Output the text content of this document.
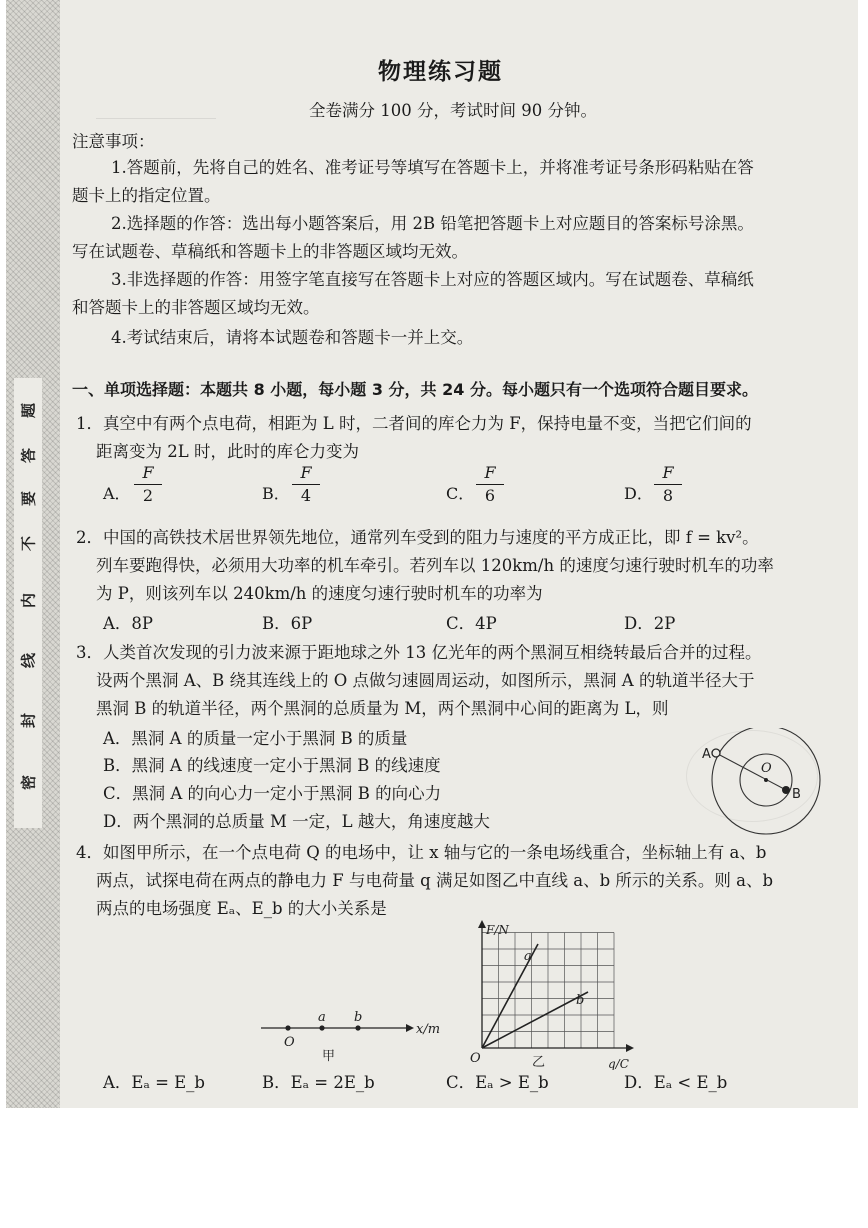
密
封
线
内
不
要
答
题
物理练习题
全卷满分 100 分，考试时间 90 分钟。
注意事项：
1.答题前，先将自己的姓名、准考证号等填写在答题卡上，并将准考证号条形码粘贴在答
题卡上的指定位置。
2.选择题的作答：选出每小题答案后，用 2B 铅笔把答题卡上对应题目的答案标号涂黑。
写在试题卷、草稿纸和答题卡上的非答题区域均无效。
3.非选择题的作答：用签字笔直接写在答题卡上对应的答题区域内。写在试题卷、草稿纸
和答题卡上的非答题区域均无效。
4.考试结束后，请将本试题卷和答题卡一并上交。
一、单项选择题：本题共 8 小题，每小题 3 分，共 24 分。每小题只有一个选项符合题目要求。
1．真空中有两个点电荷，相距为 L 时，二者间的库仑力为 F，保持电量不变，当把它们间的
距离变为 2L 时，此时的库仑力变为
A． $\frac{F}{2}$	B． $\frac{F}{4}$	C． $\frac{F}{6}$	D． $\frac{F}{8}$
2．中国的高铁技术居世界领先地位，通常列车受到的阻力与速度的平方成正比，即 f = kv²。
列车要跑得快，必须用大功率的机车牵引。若列车以 120km/h 的速度匀速行驶时机车的功率
为 P，则该列车以 240km/h 的速度匀速行驶时机车的功率为
A．8P	B．6P	C．4P	D．2P
3．人类首次发现的引力波来源于距地球之外 13 亿光年的两个黑洞互相绕转最后合并的过程。
设两个黑洞 A、B 绕其连线上的 O 点做匀速圆周运动，如图所示，黑洞 A 的轨道半径大于
黑洞 B 的轨道半径，两个黑洞的总质量为 M，两个黑洞中心间的距离为 L，则
A．黑洞 A 的质量一定小于黑洞 B 的质量
B．黑洞 A 的线速度一定小于黑洞 B 的线速度
C．黑洞 A 的向心力一定小于黑洞 B 的向心力
D．两个黑洞的总质量 M 一定，L 越大，角速度越大
A
O
B
4．如图甲所示，在一个点电荷 Q 的电场中，让 x 轴与它的一条电场线重合，坐标轴上有 a、b
两点，试探电荷在两点的静电力 F 与电荷量 q 满足如图乙中直线 a、b 所示的关系。则 a、b
两点的电场强度 Eₐ、E_b 的大小关系是
O
a b
x/m
甲
F/N
q/C
O
a
b
乙
A．Eₐ = E_b	B．Eₐ = 2E_b	C．Eₐ > E_b	D．Eₐ < E_b
